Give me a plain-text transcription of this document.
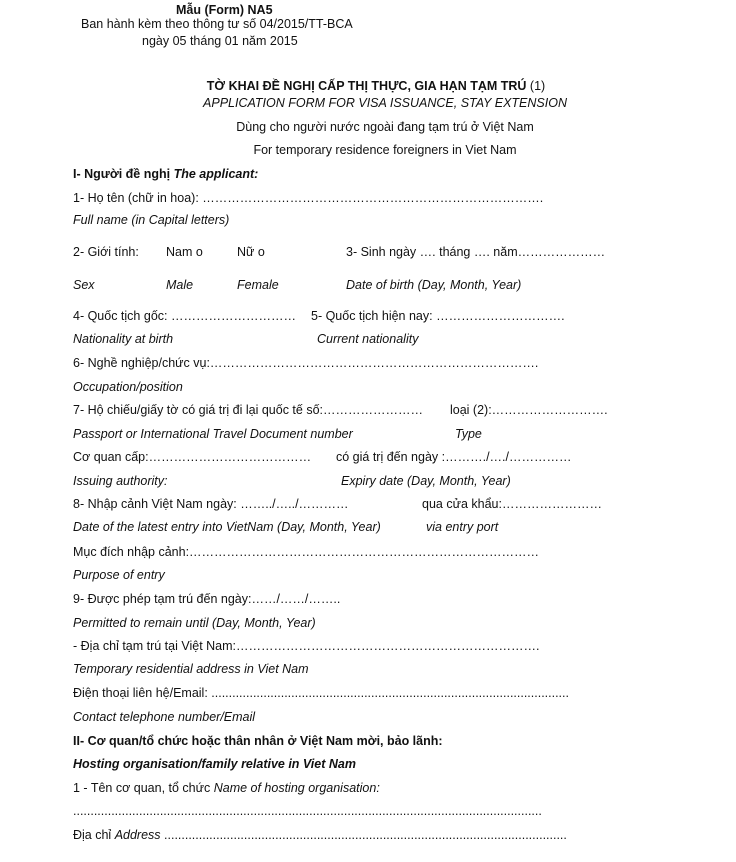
Mẫu (Form) NA5
Ban hành kèm theo thông tư số 04/2015/TT-BCA
ngày 05 tháng 01 năm 2015
TỜ KHAI ĐỀ NGHỊ CẤP THỊ THỰC, GIA HẠN TẠM TRÚ (1)
APPLICATION FORM FOR VISA ISSUANCE, STAY EXTENSION
Dùng cho người nước ngoài đang tạm trú ở Việt Nam
For temporary residence foreigners in Viet Nam
I- Người đề nghị The applicant:
1- Họ tên (chữ in hoa): ……………………………………………………………………….
Full name (in Capital letters)
2- Giới tính: Nam o	Nữ o	3- Sinh ngày …. tháng …. năm…………………
Sex	Male	Female	Date of birth (Day, Month, Year)
4- Quốc tịch gốc: ………………………… 5- Quốc tịch hiện nay: ………………………….
Nationality at birth	Current nationality
6- Nghề nghiệp/chức vụ:…………………………………………………………………….
Occupation/position
7- Hộ chiếu/giấy tờ có giá trị đi lại quốc tế số:…………………… loại (2):……………………….
Passport or International Travel Document number	Type
Cơ quan cấp:………………………………… có giá trị đến ngày :………./…./……………
Issuing authority:	Expiry date (Day, Month, Year)
8- Nhập cảnh Việt Nam ngày: ……../…../…………	qua cửa khẩu:……………………
Date of the latest entry into VietNam (Day, Month, Year)	via entry port
Mục đích nhập cảnh:…………………………………………………………………………
Purpose of entry
9- Được phép tạm trú đến ngày:……/……/……..
Permitted to remain until (Day, Month, Year)
- Địa chỉ tạm trú tại Việt Nam:……………………………………………………………….
Temporary residential address in Viet Nam
Điện thoại liên hệ/Email: .......................................................................................................
Contact telephone number/Email
II- Cơ quan/tổ chức hoặc thân nhân ở Việt Nam mời, bảo lãnh:
Hosting organisation/family relative in Viet Nam
1 - Tên cơ quan, tổ chức Name of hosting organisation:
.......................................................................................................................................
Địa chỉ Address ....................................................................................................................
